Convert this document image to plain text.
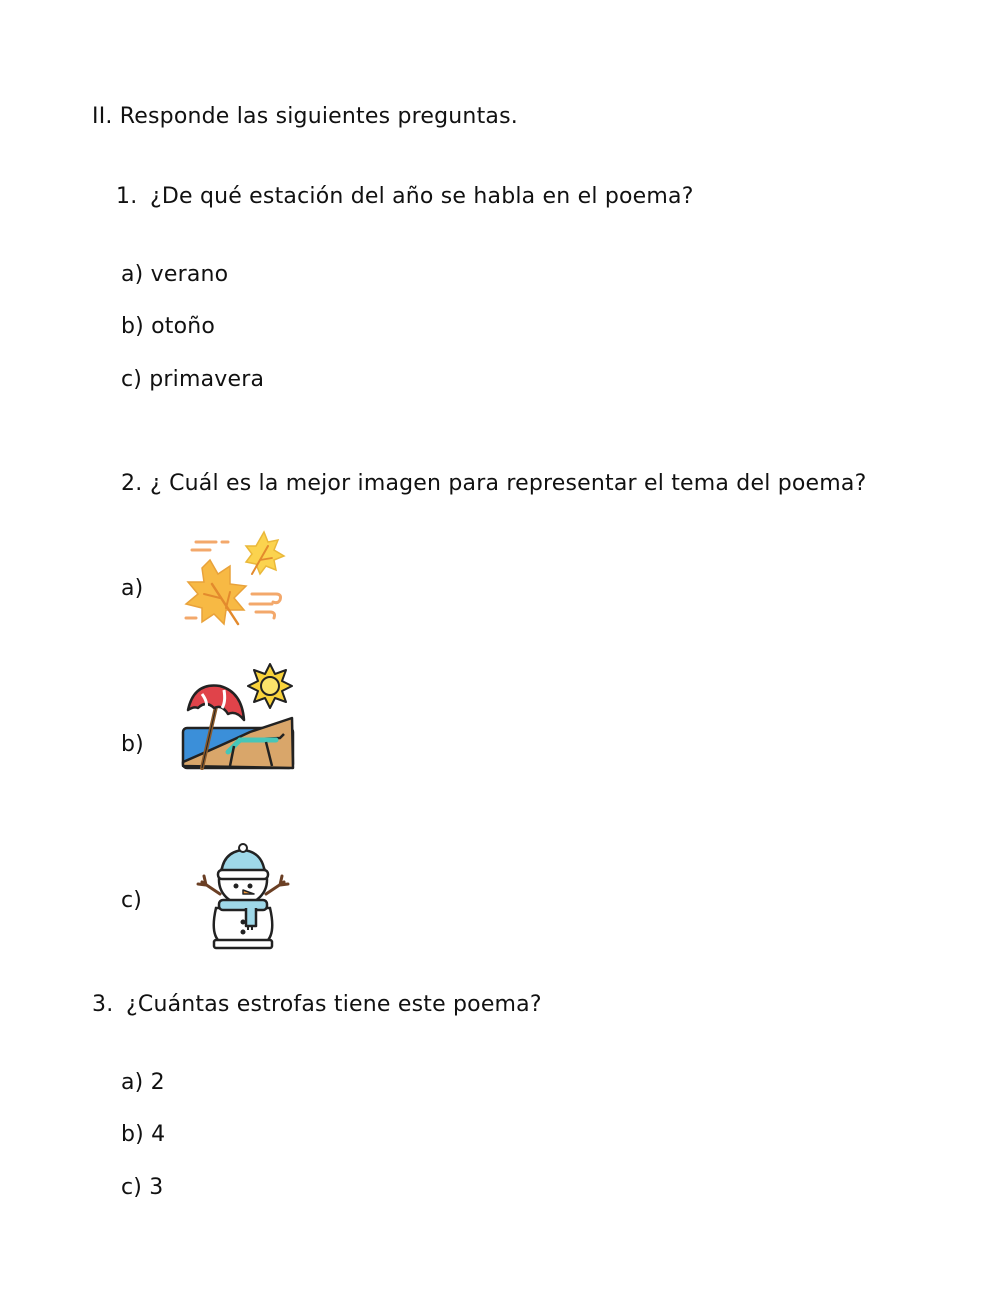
II. Responde las siguientes preguntas.
1. ¿De qué estación del año se habla en el poema?
a) verano
b) otoño
c) primavera
2. ¿ Cuál es la mejor imagen para representar el tema del poema?
a)
b)
c)
3. ¿Cuántas estrofas tiene este poema?
a) 2
b) 4
c) 3
